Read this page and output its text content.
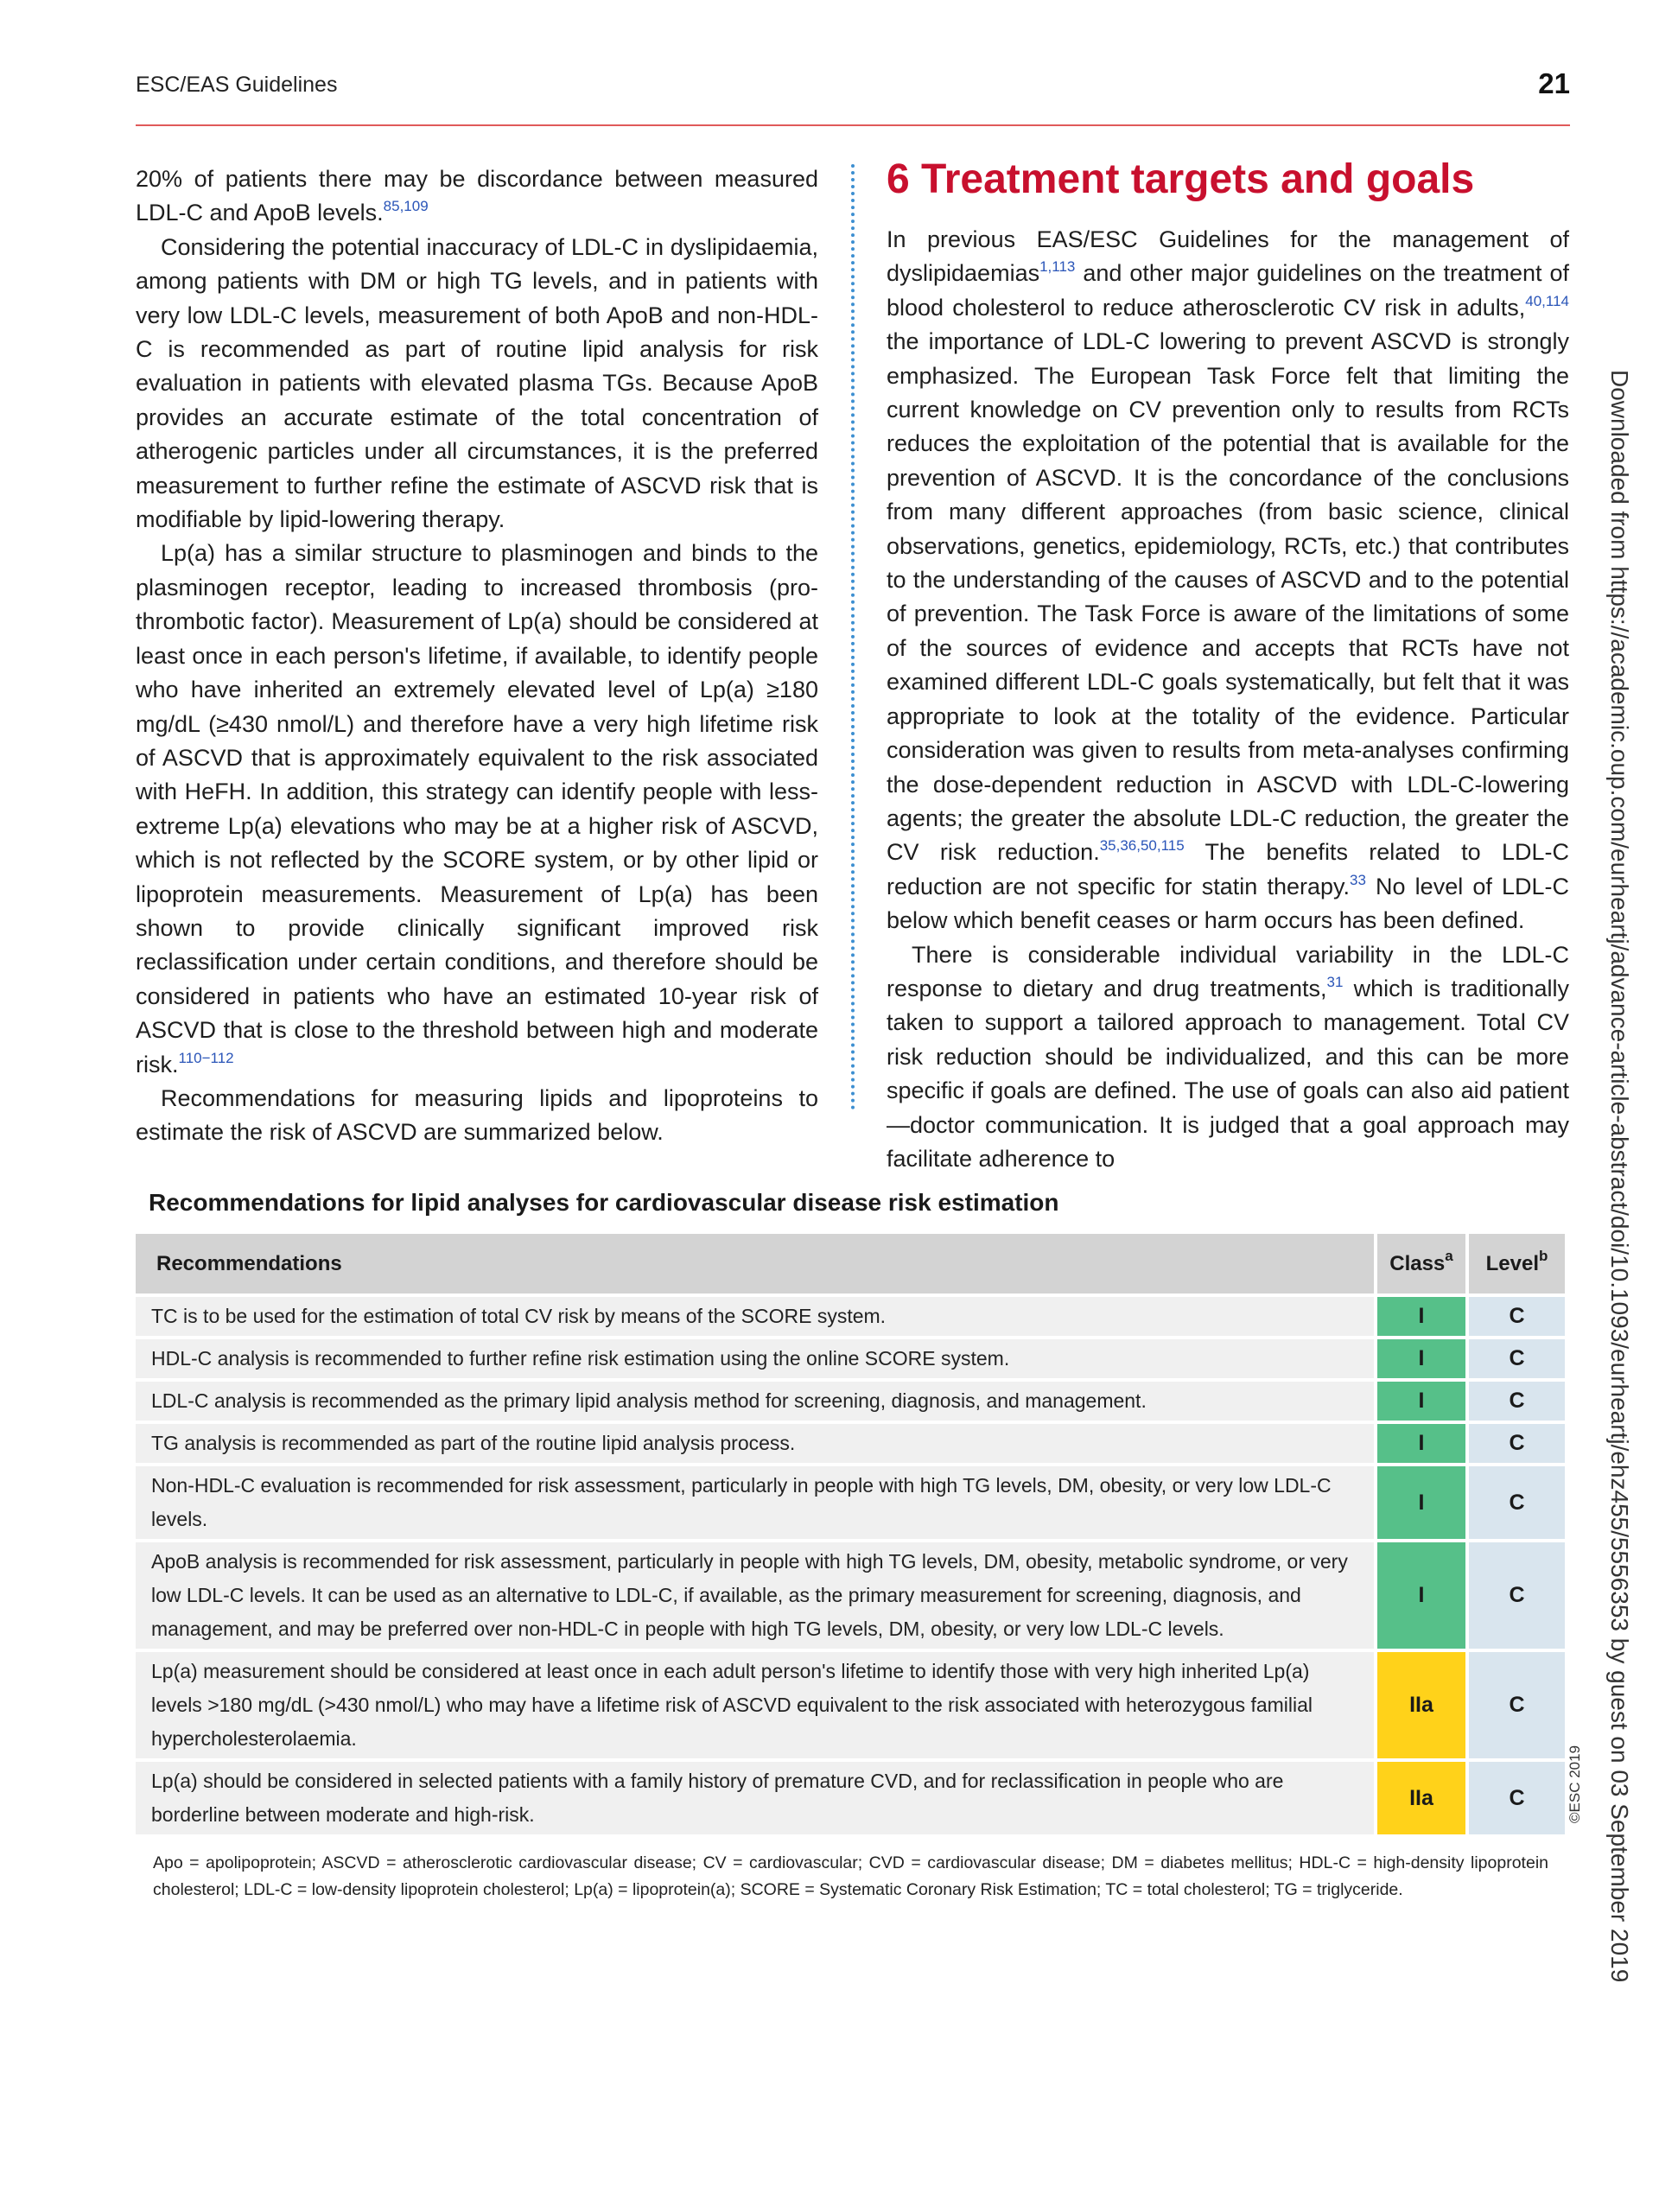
ESC/EAS Guidelines	21

20% of patients there may be discordance between measured LDL-C and ApoB levels.$^{85,109}$

Considering the potential inaccuracy of LDL-C in dyslipidaemia, among patients with DM or high TG levels, and in patients with very low LDL-C levels, measurement of both ApoB and non-HDL-C is recommended as part of routine lipid analysis for risk evaluation in patients with elevated plasma TGs. Because ApoB provides an accurate estimate of the total concentration of atherogenic particles under all circumstances, it is the preferred measurement to further refine the estimate of ASCVD risk that is modifiable by lipid-lowering therapy.

Lp(a) has a similar structure to plasminogen and binds to the plasminogen receptor, leading to increased thrombosis (pro-thrombotic factor). Measurement of Lp(a) should be considered at least once in each person's lifetime, if available, to identify people who have inherited an extremely elevated level of Lp(a) ≥180 mg/dL (≥430 nmol/L) and therefore have a very high lifetime risk of ASCVD that is approximately equivalent to the risk associated with HeFH. In addition, this strategy can identify people with less-extreme Lp(a) elevations who may be at a higher risk of ASCVD, which is not reflected by the SCORE system, or by other lipid or lipoprotein measurements. Measurement of Lp(a) has been shown to provide clinically significant improved risk reclassification under certain conditions, and therefore should be considered in patients who have an estimated 10-year risk of ASCVD that is close to the threshold between high and moderate risk.$^{110-112}$

Recommendations for measuring lipids and lipoproteins to estimate the risk of ASCVD are summarized below.

6 Treatment targets and goals

In previous EAS/ESC Guidelines for the management of dyslipidaemias$^{1,113}$ and other major guidelines on the treatment of blood cholesterol to reduce atherosclerotic CV risk in adults,$^{40,114}$ the importance of LDL-C lowering to prevent ASCVD is strongly emphasized. The European Task Force felt that limiting the current knowledge on CV prevention only to results from RCTs reduces the exploitation of the potential that is available for the prevention of ASCVD. It is the concordance of the conclusions from many different approaches (from basic science, clinical observations, genetics, epidemiology, RCTs, etc.) that contributes to the understanding of the causes of ASCVD and to the potential of prevention. The Task Force is aware of the limitations of some of the sources of evidence and accepts that RCTs have not examined different LDL-C goals systematically, but felt that it was appropriate to look at the totality of the evidence. Particular consideration was given to results from meta-analyses confirming the dose-dependent reduction in ASCVD with LDL-C-lowering agents; the greater the absolute LDL-C reduction, the greater the CV risk reduction.$^{35,36,50,115}$ The benefits related to LDL-C reduction are not specific for statin therapy.$^{33}$ No level of LDL-C below which benefit ceases or harm occurs has been defined.

There is considerable individual variability in the LDL-C response to dietary and drug treatments,$^{31}$ which is traditionally taken to support a tailored approach to management. Total CV risk reduction should be individualized, and this can be more specific if goals are defined. The use of goals can also aid patient—doctor communication. It is judged that a goal approach may facilitate adherence to

Recommendations for lipid analyses for cardiovascular disease risk estimation
Recommendations	Class$^a$	Level$^b$
TC is to be used for the estimation of total CV risk by means of the SCORE system.	I	C
HDL-C analysis is recommended to further refine risk estimation using the online SCORE system.	I	C
LDL-C analysis is recommended as the primary lipid analysis method for screening, diagnosis, and management.	I	C
TG analysis is recommended as part of the routine lipid analysis process.	I	C
Non-HDL-C evaluation is recommended for risk assessment, particularly in people with high TG levels, DM, obesity, or very low LDL-C levels.	I	C
ApoB analysis is recommended for risk assessment, particularly in people with high TG levels, DM, obesity, metabolic syndrome, or very low LDL-C levels. It can be used as an alternative to LDL-C, if available, as the primary measurement for screening, diagnosis, and management, and may be preferred over non-HDL-C in people with high TG levels, DM, obesity, or very low LDL-C levels.	I	C
Lp(a) measurement should be considered at least once in each adult person's lifetime to identify those with very high inherited Lp(a) levels >180 mg/dL (>430 nmol/L) who may have a lifetime risk of ASCVD equivalent to the risk associated with heterozygous familial hypercholesterolaemia.	IIa	C
Lp(a) should be considered in selected patients with a family history of premature CVD, and for reclassification in people who are borderline between moderate and high-risk.	IIa	C
Apo = apolipoprotein; ASCVD = atherosclerotic cardiovascular disease; CV = cardiovascular; CVD = cardiovascular disease; DM = diabetes mellitus; HDL-C = high-density lipoprotein cholesterol; LDL-C = low-density lipoprotein cholesterol; Lp(a) = lipoprotein(a); SCORE = Systematic Coronary Risk Estimation; TC = total cholesterol; TG = triglyceride.
©ESC 2019 Downloaded from https://academic.oup.com/eurheartj/advance-article-abstract/doi/10.1093/eurheartj/ehz455/5556353 by guest on 03 September 2019
